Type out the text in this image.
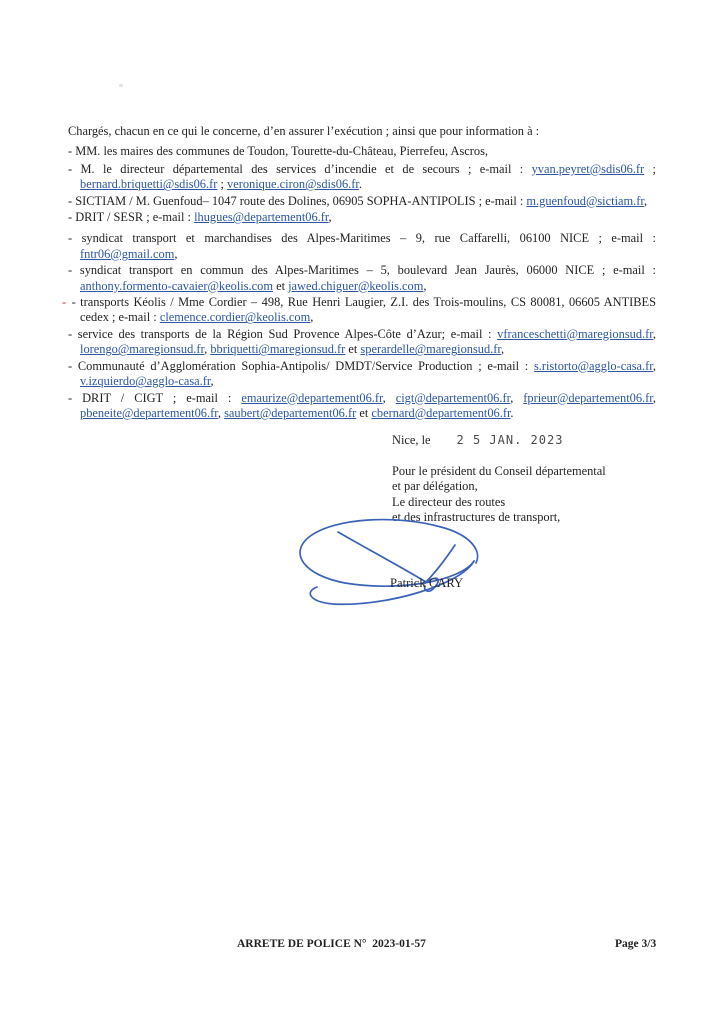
Chargés, chacun en ce qui le concerne, d’en assurer l’exécution ; ainsi que pour information à :

- MM. les maires des communes de Toudon, Tourette-du-Château, Pierrefeu, Ascros,
- M. le directeur départemental des services d’incendie et de secours ; e-mail : yvan.peyret@sdis06.fr ; bernard.briquetti@sdis06.fr ; veronique.ciron@sdis06.fr.
- SICTIAM / M. Guenfoud– 1047 route des Dolines, 06905 SOPHA-ANTIPOLIS ; e-mail : m.guenfoud@sictiam.fr,
- DRIT / SESR ; e-mail : lhugues@departement06.fr,
- syndicat transport et marchandises des Alpes-Maritimes – 9, rue Caffarelli, 06100 NICE ; e-mail : fntr06@gmail.com,
- syndicat transport en commun des Alpes-Maritimes – 5, boulevard Jean Jaurès, 06000 NICE ; e-mail : anthony.formento-cavaier@keolis.com et jawed.chiguer@keolis.com,
- - transports Kéolis / Mme Cordier – 498, Rue Henri Laugier, Z.I. des Trois-moulins, CS 80081, 06605 ANTIBES cedex ; e-mail : clemence.cordier@keolis.com,
- service des transports de la Région Sud Provence Alpes-Côte d’Azur; e-mail : vfranceschetti@maregionsud.fr, lorengo@maregionsud.fr, bbriquetti@maregionsud.fr et sperardelle@maregionsud.fr,
- Communauté d’Agglomération Sophia-Antipolis/ DMDT/Service Production ; e-mail : s.ristorto@agglo-casa.fr, v.izquierdo@agglo-casa.fr,
- DRIT / CIGT ; e-mail : emaurize@departement06.fr, cigt@departement06.fr, fprieur@departement06.fr, pbeneite@departement06.fr, saubert@departement06.fr et cbernard@departement06.fr.
Nice, le 2 5 JAN. 2023
Pour le président du Conseil départemental
et par délégation,
Le directeur des routes
et des infrastructures de transport,
Patrick CARY
ARRETE DE POLICE N°  2023-01-57	Page 3/3
